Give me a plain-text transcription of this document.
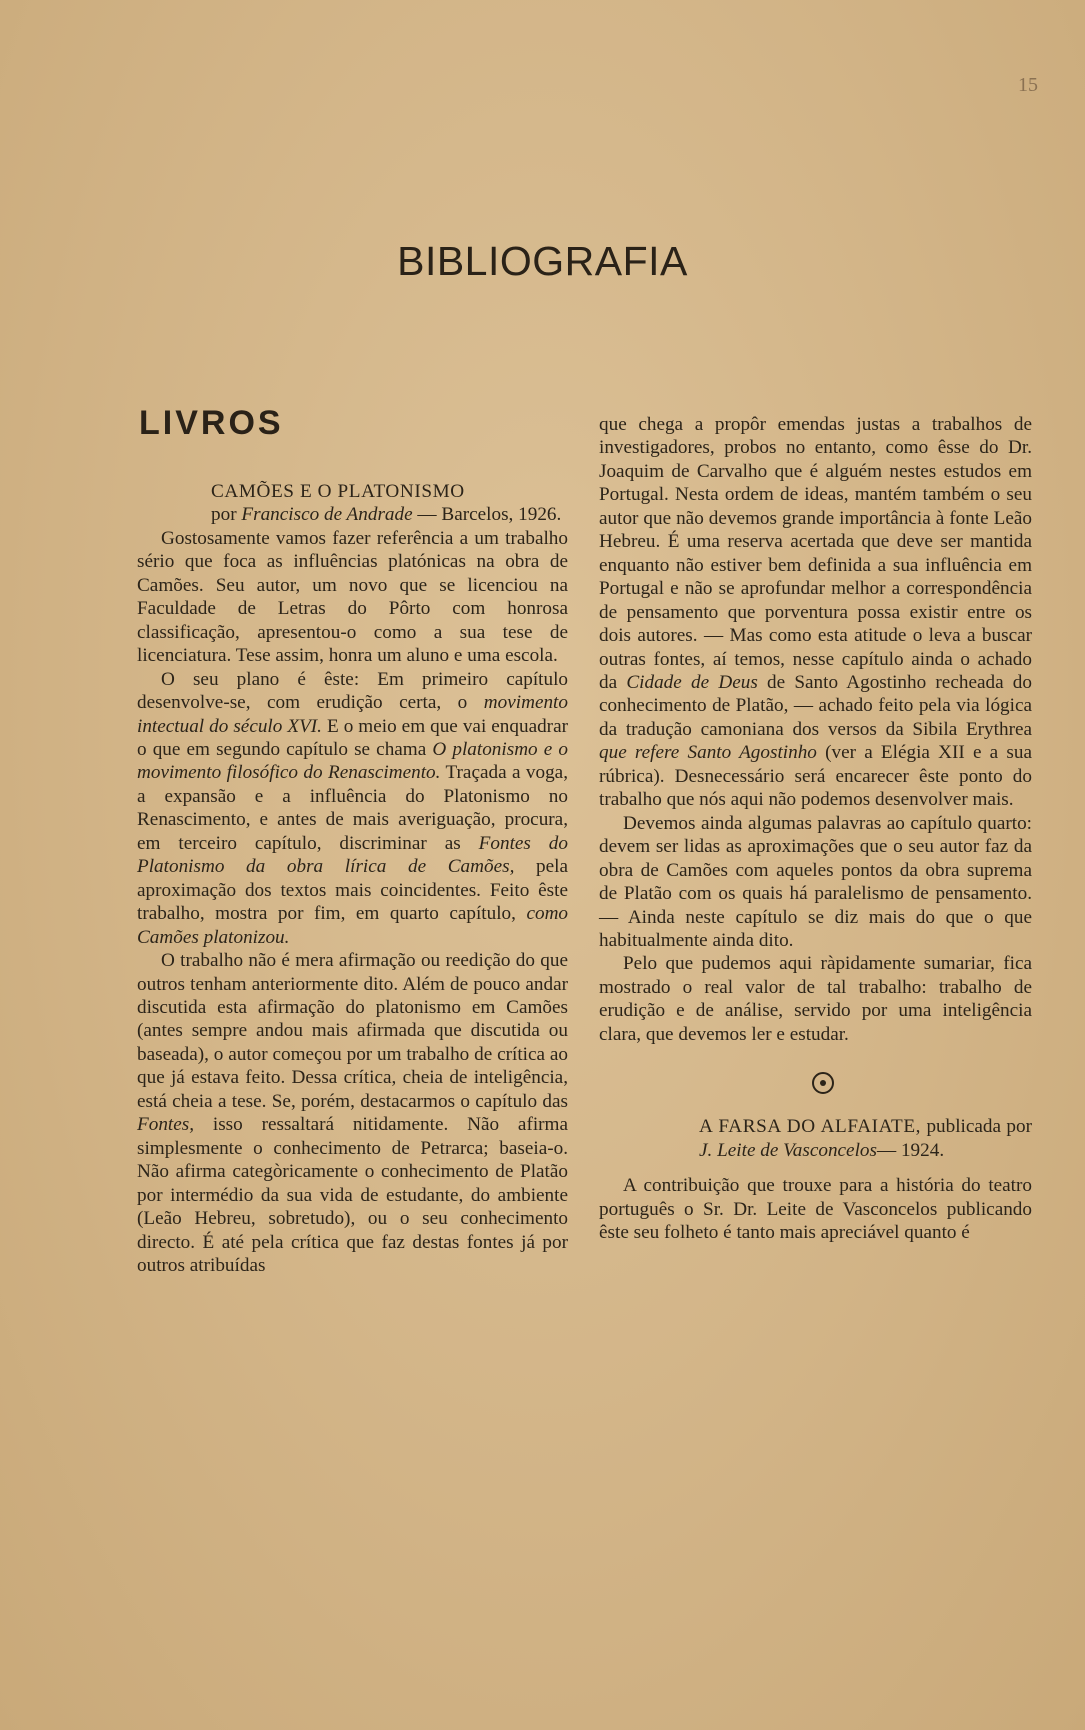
15
BIBLIOGRAFIA
LIVROS

CAMÕES E O PLATONISMO
por Francisco de Andrade — Barcelos, 1926.

Gostosamente vamos fazer referência a um trabalho sério que foca as influências platónicas na obra de Camões. Seu autor, um novo que se licenciou na Faculdade de Letras do Pôrto com honrosa classificação, apresentou-o como a sua tese de licenciatura. Tese assim, honra um aluno e uma escola.

O seu plano é êste: Em primeiro capítulo desenvolve-se, com erudição certa, o movimento intectual do século XVI. E o meio em que vai enquadrar o que em segundo capítulo se chama O platonismo e o movimento filosófico do Renascimento. Traçada a voga, a expansão e a influência do Platonismo no Renascimento, e antes de mais averiguação, procura, em terceiro capítulo, discriminar as Fontes do Platonismo da obra lírica de Camões, pela aproximação dos textos mais coincidentes. Feito êste trabalho, mostra por fim, em quarto capítulo, como Camões platonizou.

O trabalho não é mera afirmação ou reedição do que outros tenham anteriormente dito. Além de pouco andar discutida esta afirmação do platonismo em Camões (antes sempre andou mais afirmada que discutida ou baseada), o autor começou por um trabalho de crítica ao que já estava feito. Dessa crítica, cheia de inteligência, está cheia a tese. Se, porém, destacarmos o capítulo das Fontes, isso ressaltará nitidamente. Não afirma simplesmente o conhecimento de Petrarca; baseia-o. Não afirma categòricamente o conhecimento de Platão por intermédio da sua vida de estudante, do ambiente (Leão Hebreu, sobretudo), ou o seu conhecimento directo. É até pela crítica que faz destas fontes já por outros atribuídas

que chega a propôr emendas justas a trabalhos de investigadores, probos no entanto, como êsse do Dr. Joaquim de Carvalho que é alguém nestes estudos em Portugal. Nesta ordem de ideas, mantém também o seu autor que não devemos grande importância à fonte Leão Hebreu. É uma reserva acertada que deve ser mantida enquanto não estiver bem definida a sua influência em Portugal e não se aprofundar melhor a correspondência de pensamento que porventura possa existir entre os dois autores. — Mas como esta atitude o leva a buscar outras fontes, aí temos, nesse capítulo ainda o achado da Cidade de Deus de Santo Agostinho recheada do conhecimento de Platão, — achado feito pela via lógica da tradução camoniana dos versos da Sibila Erythrea que refere Santo Agostinho (ver a Elégia XII e a sua rúbrica). Desnecessário será encarecer êste ponto do trabalho que nós aqui não podemos desenvolver mais.

Devemos ainda algumas palavras ao capítulo quarto: devem ser lidas as aproximações que o seu autor faz da obra de Camões com aqueles pontos da obra suprema de Platão com os quais há paralelismo de pensamento. — Ainda neste capítulo se diz mais do que o que habitualmente ainda dito.

Pelo que pudemos aqui ràpidamente sumariar, fica mostrado o real valor de tal trabalho: trabalho de erudição e de análise, servido por uma inteligência clara, que devemos ler e estudar.

A FARSA DO ALFAIATE, publicada por J. Leite de Vasconcelos— 1924.

A contribuição que trouxe para a história do teatro português o Sr. Dr. Leite de Vasconcelos publicando êste seu folheto é tanto mais apreciável quanto é
